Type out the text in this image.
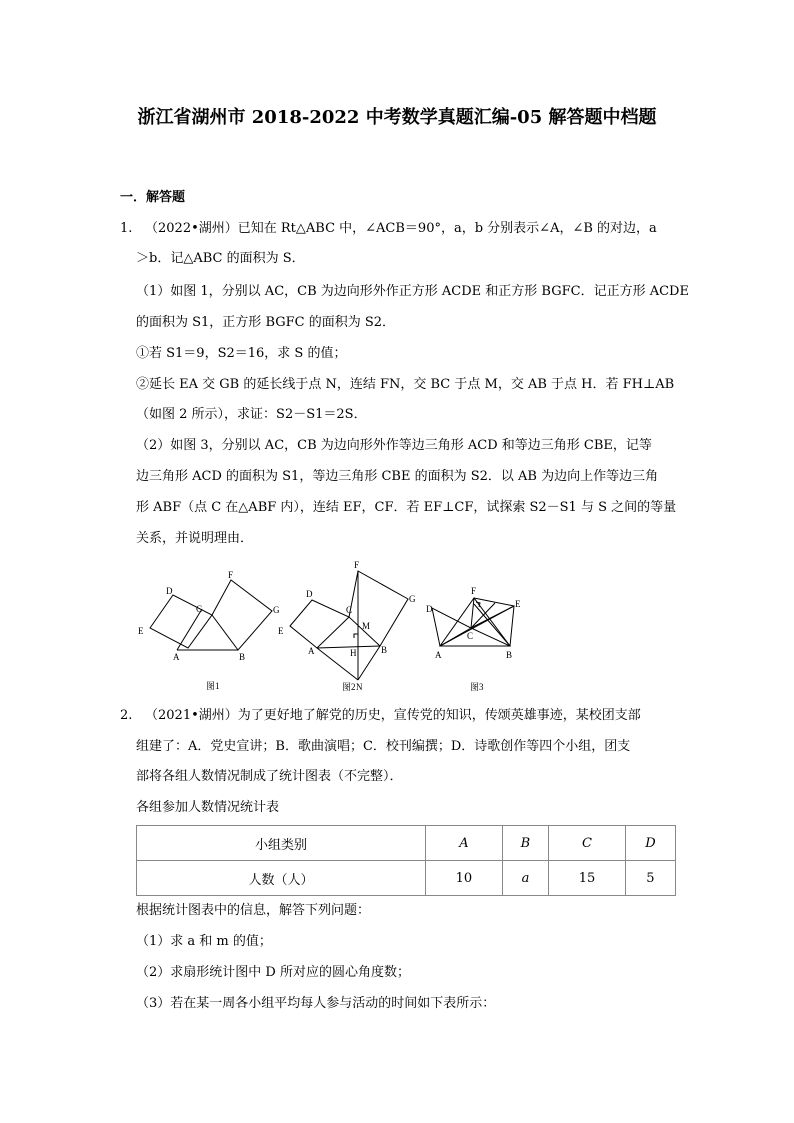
浙江省湖州市 2018-2022 中考数学真题汇编-05 解答题中档题
一．解答题
1. （2022•湖州）已知在 Rt△ABC 中，∠ACB＝90°，a，b 分别表示∠A，∠B 的对边，a
＞b．记△ABC 的面积为 S．
（1）如图 1，分别以 AC，CB 为边向形外作正方形 ACDE 和正方形 BGFC．记正方形 ACDE
的面积为 S1，正方形 BGFC 的面积为 S2．
①若 S1＝9，S2＝16，求 S 的值；
②延长 EA 交 GB 的延长线于点 N，连结 FN，交 BC 于点 M，交 AB 于点 H．若 FH⊥AB
（如图 2 所示），求证：S2－S1＝2S．
（2）如图 3，分别以 AC，CB 为边向形外作等边三角形 ACD 和等边三角形 CBE，记等
边三角形 ACD 的面积为 S1，等边三角形 CBE 的面积为 S2．以 AB 为边向上作等边三角
形 ABF（点 C 在△ABF 内），连结 EF，CF．若 EF⊥CF，试探索 S2－S1 与 S 之间的等量
关系，并说明理由．
D
F
C	G
E
A	B
图1
D
F
C
G
E	M
A	H	B
N
图2
F
D	E
C
A	B
图3
2. （2021•湖州）为了更好地了解党的历史，宣传党的知识，传颂英雄事迹，某校团支部
组建了：A．党史宣讲；B．歌曲演唱；C．校刊编撰；D．诗歌创作等四个小组，团支
部将各组人数情况制成了统计图表（不完整）．
各组参加人数情况统计表
小组类别	A	B	C	D
人数（人）	10	a	15	5
根据统计图表中的信息，解答下列问题：
（1）求 a 和 m 的值；
（2）求扇形统计图中 D 所对应的圆心角度数；
（3）若在某一周各小组平均每人参与活动的时间如下表所示：
